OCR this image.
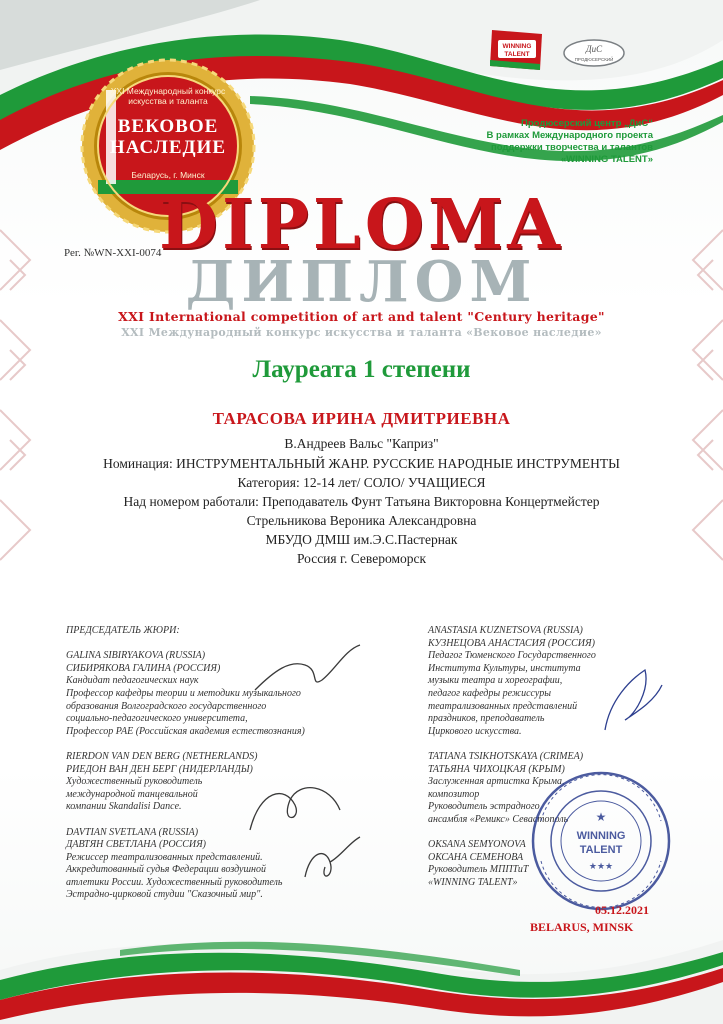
XXI Международный конкурс искусства и таланта
ВЕКОВОЕ НАСЛЕДИЕ
Беларусь, г. Минск
WINNING
TALENT
ДиС
ПРОДЮСЕРСКИЙ
Рег. №WN-XXI-0074
Продюсерский центр „ДиС“
В рамках Международного проекта
поддержки творчества и талантов
«WINNING TALENT»
DIPLOMA
ДИПЛОМ
XXI International competition of art and talent "Century heritage"
XXI Международный конкурс искусства и таланта «Вековое наследие»
Лауреата 1 степени
ТАРАСОВА ИРИНА ДМИТРИЕВНА
В.Андреев Вальс "Каприз"
Номинация: ИНСТРУМЕНТАЛЬНЫЙ ЖАНР. РУССКИЕ НАРОДНЫЕ ИНСТРУМЕНТЫ
Категория: 12-14 лет/ СОЛО/ УЧАЩИЕСЯ
Над номером работали: Преподаватель Фунт Татьяна Викторовна Концертмейстер
Стрельникова Вероника Александровна
МБУДО ДМШ им.Э.С.Пастернак
Россия г. Североморск
ПРЕДСЕДАТЕЛЬ ЖЮРИ:

GALINA SIBIRYAKOVA (RUSSIA)
СИБИРЯКОВА ГАЛИНА (РОССИЯ)
Кандидат педагогических наук
Профессор кафедры теории и методики музыкального
образования Волгоградского государственного
социально-педагогического университета,
Профессор РАЕ (Российская академия естествознания)

RIERDON VAN DEN BERG (NETHERLANDS)
РИЕДОН ВАН ДЕН БЕРГ (НИДЕРЛАНДЫ)
Художественный руководитель
международной танцевальной
компании Skandalisi Dance.

DAVTIAN SVETLANA (RUSSIA)
ДАВТЯН СВЕТЛАНА (РОССИЯ)
Режиссер театрализованных представлений.
Аккредитованный судья Федерации воздушной
атлетики России. Художественный руководитель
Эстрадно-цирковой студии "Сказочный мир".
ANASTASIA KUZNETSOVA (RUSSIA)
КУЗНЕЦОВА АНАСТАСИЯ (РОССИЯ)
Педагог Тюменского Государственного
Института Культуры, института
музыки театра и хореографии,
педагог кафедры режиссуры
театрализованных представлений
праздников, преподаватель
Циркового искусства.

TATIANA TSIKHOTSKAYA (CRIMEA)
ТАТЬЯНА ЧИХОЦКАЯ (КРЫМ)
Заслуженная артистка Крыма,
композитор
Руководитель эстрадного
ансамбля «Ремикс» Севастополь

OKSANA SEMYONOVA
ОКСАНА СЕМЕНОВА
Руководитель МППТиТ
«WINNING TALENT»
WINNING
TALENT
★★★
★
05.12.2021
BELARUS, MINSK
